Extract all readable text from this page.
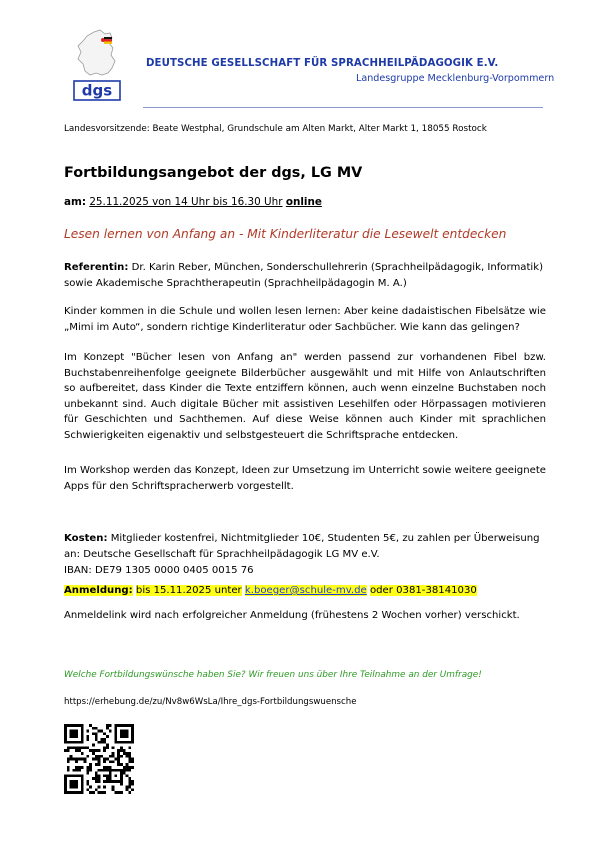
dgs
DEUTSCHE GESELLSCHAFT FÜR SPRACHHEILPÄDAGOGIK E.V.
Landesgruppe Mecklenburg-Vorpommern
Landesvorsitzende: Beate Westphal, Grundschule am Alten Markt, Alter Markt 1, 18055 Rostock
Fortbildungsangebot der dgs, LG MV
am: 25.11.2025 von 14 Uhr bis 16.30 Uhr online
Lesen lernen von Anfang an - Mit Kinderliteratur die Lesewelt entdecken
Referentin: Dr. Karin Reber, München, Sonderschullehrerin (Sprachheilpädagogik, Informatik) sowie Akademische Sprachtherapeutin (Sprachheilpädagogin M. A.)
Kinder kommen in die Schule und wollen lesen lernen: Aber keine dadaistischen Fibelsätze wie „Mimi im Auto“, sondern richtige Kinderliteratur oder Sachbücher. Wie kann das gelingen?
Im Konzept "Bücher lesen von Anfang an" werden passend zur vorhandenen Fibel bzw. Buchstabenreihenfolge geeignete Bilderbücher ausgewählt und mit Hilfe von Anlautschriften so aufbereitet, dass Kinder die Texte entziffern können, auch wenn einzelne Buchstaben noch unbekannt sind. Auch digitale Bücher mit assistiven Lesehilfen oder Hörpassagen motivieren für Geschichten und Sachthemen. Auf diese Weise können auch Kinder mit sprachlichen Schwierigkeiten eigenaktiv und selbstgesteuert die Schriftsprache entdecken.
Im Workshop werden das Konzept, Ideen zur Umsetzung im Unterricht sowie weitere geeignete Apps für den Schriftspracherwerb vorgestellt.
Kosten: Mitglieder kostenfrei, Nichtmitglieder 10€, Studenten 5€, zu zahlen per Überweisung an: Deutsche Gesellschaft für Sprachheilpädagogik LG MV e.V.
IBAN: DE79 1305 0000 0405 0015 76
Anmeldung: bis 15.11.2025 unter k.boeger@schule-mv.de oder 0381-38141030
Anmeldelink wird nach erfolgreicher Anmeldung (frühestens 2 Wochen vorher) verschickt.
Welche Fortbildungswünsche haben Sie? Wir freuen uns über Ihre Teilnahme an der Umfrage!
https://erhebung.de/zu/Nv8w6WsLa/Ihre_dgs-Fortbildungswuensche
